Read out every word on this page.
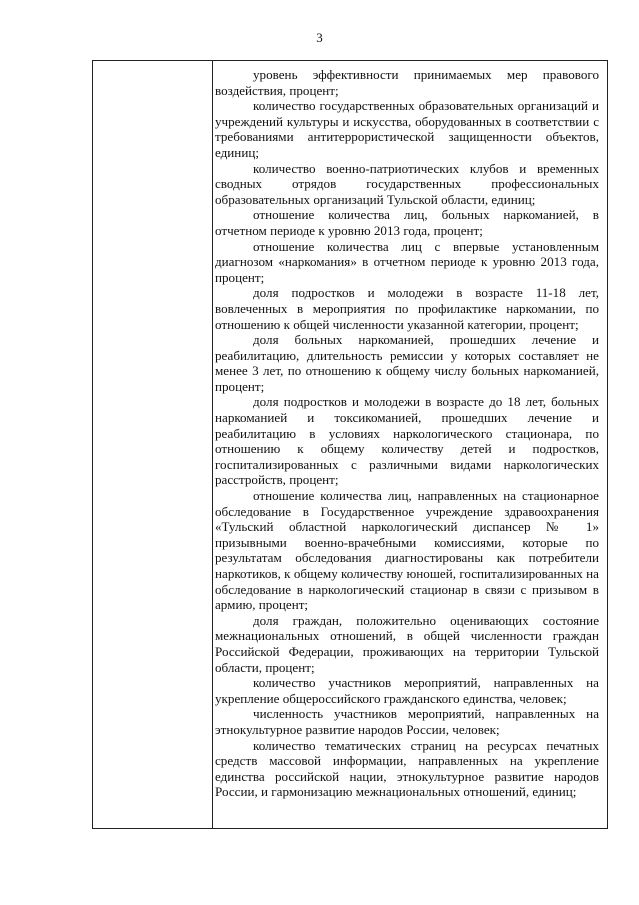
3

уровень эффективности принимаемых мер правового воздействия, процент;

количество государственных образовательных организаций и учреждений культуры и искусства, оборудованных в соответствии с требованиями антитеррористической защищенности объектов, единиц;

количество военно-патриотических клубов и временных сводных отрядов государственных профессиональных образовательных организаций Тульской области, единиц;

отношение количества лиц, больных наркоманией, в отчетном периоде к уровню 2013 года, процент;

отношение количества лиц с впервые установленным диагнозом «наркомания» в отчетном периоде к уровню 2013 года, процент;

доля подростков и молодежи в возрасте 11-18 лет, вовлеченных в мероприятия по профилактике наркомании, по отношению к общей численности указанной категории, процент;

доля больных наркоманией, прошедших лечение и реабилитацию, длительность ремиссии у которых составляет не менее 3 лет, по отношению к общему числу больных наркоманией, процент;

доля подростков и молодежи в возрасте до 18 лет, больных наркоманией и токсикоманией, прошедших лечение и реабилитацию в условиях наркологического стационара, по отношению к общему количеству детей и подростков, госпитализированных с различными видами наркологических расстройств, процент;

отношение количества лиц, направленных на стационарное обследование в Государственное учреждение здравоохранения «Тульский областной наркологический диспансер № 1» призывными военно-врачебными комиссиями, которые по результатам обследования диагностированы как потребители наркотиков, к общему количеству юношей, госпитализированных на обследование в наркологический стационар в связи с призывом в армию, процент;

доля граждан, положительно оценивающих состояние межнациональных отношений, в общей численности граждан Российской Федерации, проживающих на территории Тульской области, процент;

количество участников мероприятий, направленных на укрепление общероссийского гражданского единства, человек;

численность участников мероприятий, направленных на этнокультурное развитие народов России, человек;

количество тематических страниц на ресурсах печатных средств массовой информации, направленных на укрепление единства российской нации, этнокультурное развитие народов России, и гармонизацию межнациональных отношений, единиц;
